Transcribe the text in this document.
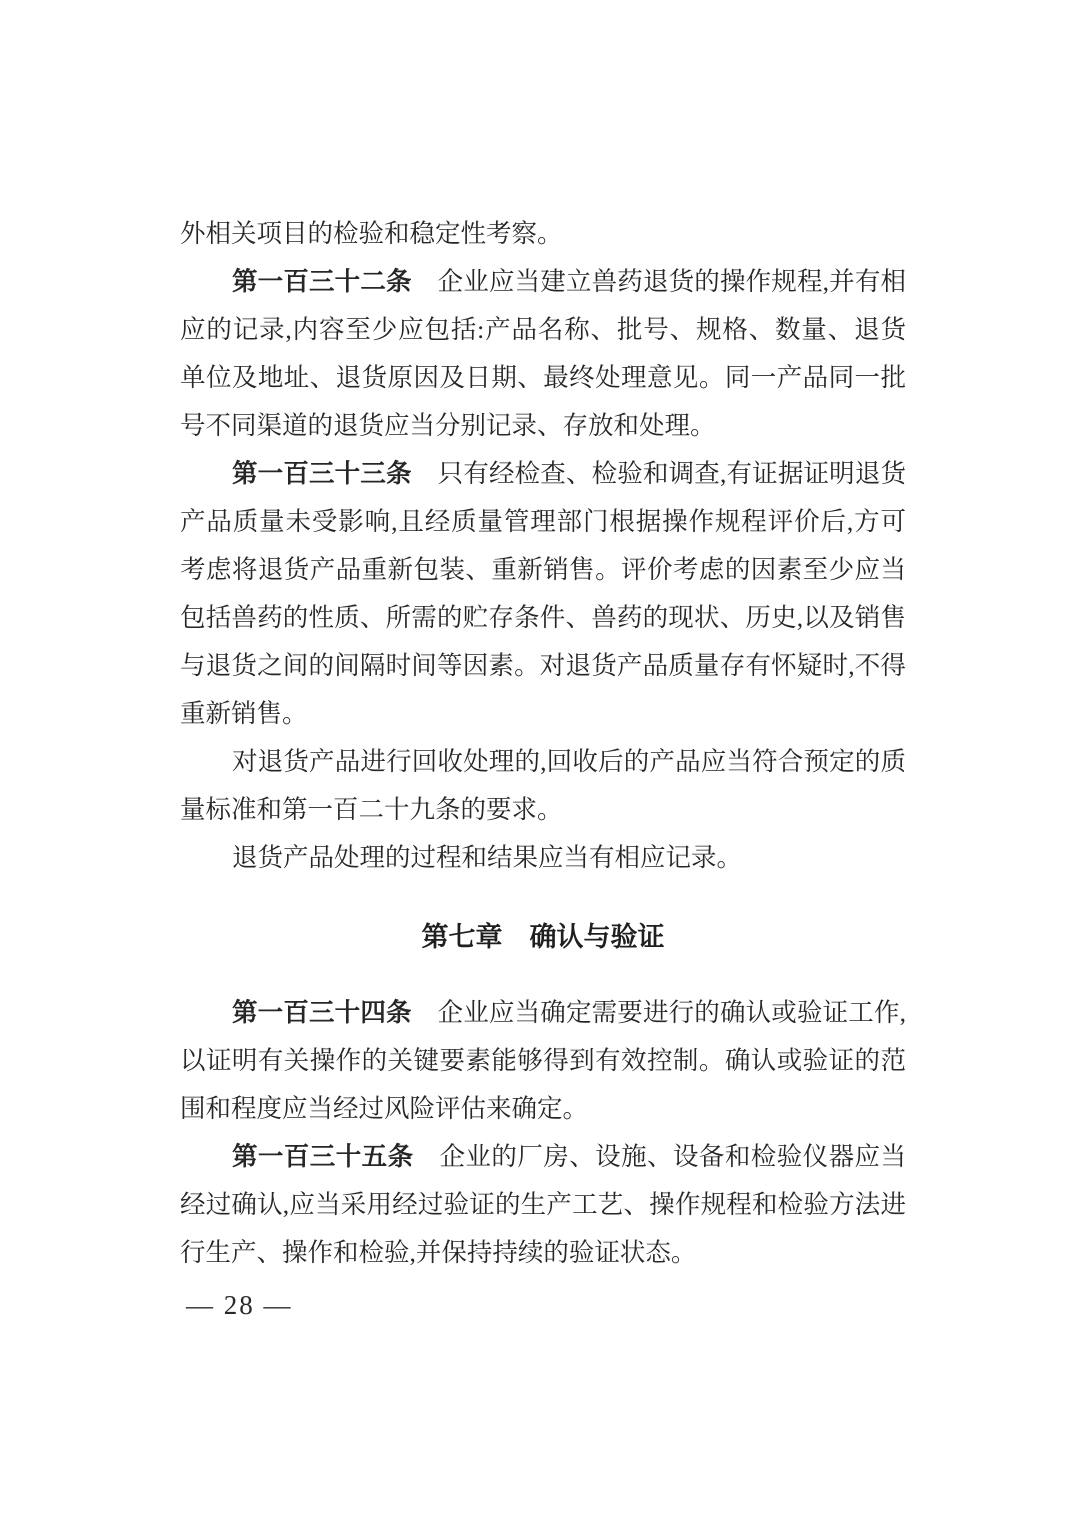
外相关项目的检验和稳定性考察。

第一百三十二条 企业应当建立兽药退货的操作规程,并有相应的记录,内容至少应包括:产品名称、批号、规格、数量、退货单位及地址、退货原因及日期、最终处理意见。同一产品同一批号不同渠道的退货应当分别记录、存放和处理。

第一百三十三条 只有经检查、检验和调查,有证据证明退货产品质量未受影响,且经质量管理部门根据操作规程评价后,方可考虑将退货产品重新包装、重新销售。评价考虑的因素至少应当包括兽药的性质、所需的贮存条件、兽药的现状、历史,以及销售与退货之间的间隔时间等因素。对退货产品质量存有怀疑时,不得重新销售。

对退货产品进行回收处理的,回收后的产品应当符合预定的质量标准和第一百二十九条的要求。

退货产品处理的过程和结果应当有相应记录。

第七章 确认与验证

第一百三十四条 企业应当确定需要进行的确认或验证工作,以证明有关操作的关键要素能够得到有效控制。确认或验证的范围和程度应当经过风险评估来确定。

第一百三十五条 企业的厂房、设施、设备和检验仪器应当经过确认,应当采用经过验证的生产工艺、操作规程和检验方法进行生产、操作和检验,并保持持续的验证状态。

— 28 —
